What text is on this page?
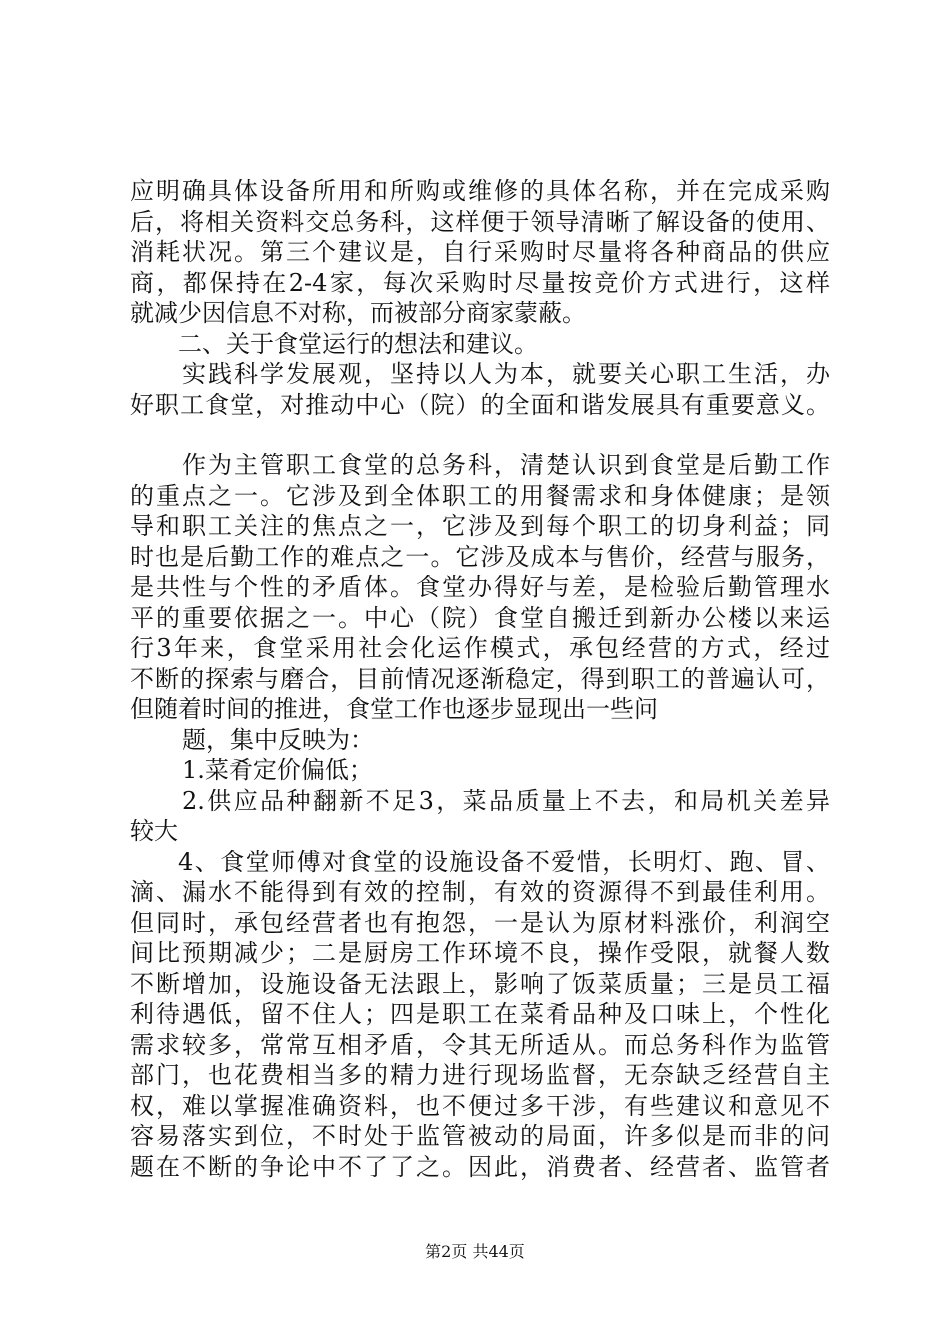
应明确具体设备所用和所购或维修的具体名称，并在完成采购
后，将相关资料交总务科，这样便于领导清晰了解设备的使用、
消耗状况。第三个建议是，自行采购时尽量将各种商品的供应
商，都保持在2-4家，每次采购时尽量按竞价方式进行，这样
就减少因信息不对称，而被部分商家蒙蔽。
二、关于食堂运行的想法和建议。
实践科学发展观，坚持以人为本，就要关心职工生活，办
好职工食堂，对推动中心（院）的全面和谐发展具有重要意义。
作为主管职工食堂的总务科，清楚认识到食堂是后勤工作
的重点之一。它涉及到全体职工的用餐需求和身体健康；是领
导和职工关注的焦点之一，它涉及到每个职工的切身利益；同
时也是后勤工作的难点之一。它涉及成本与售价，经营与服务，
是共性与个性的矛盾体。食堂办得好与差，是检验后勤管理水
平的重要依据之一。中心（院）食堂自搬迁到新办公楼以来运
行3年来，食堂采用社会化运作模式，承包经营的方式，经过
不断的探索与磨合，目前情况逐渐稳定，得到职工的普遍认可，
但随着时间的推进，食堂工作也逐步显现出一些问
题，集中反映为：
1.菜肴定价偏低；
2.供应品种翻新不足3，菜品质量上不去，和局机关差异
较大
4、食堂师傅对食堂的设施设备不爱惜，长明灯、跑、冒、
滴、漏水不能得到有效的控制，有效的资源得不到最佳利用。
但同时，承包经营者也有抱怨，一是认为原材料涨价，利润空
间比预期减少；二是厨房工作环境不良，操作受限，就餐人数
不断增加，设施设备无法跟上，影响了饭菜质量；三是员工福
利待遇低，留不住人；四是职工在菜肴品种及口味上，个性化
需求较多，常常互相矛盾，令其无所适从。而总务科作为监管
部门，也花费相当多的精力进行现场监督，无奈缺乏经营自主
权，难以掌握准确资料，也不便过多干涉，有些建议和意见不
容易落实到位，不时处于监管被动的局面，许多似是而非的问
题在不断的争论中不了了之。因此，消费者、经营者、监管者
第2页 共44页
